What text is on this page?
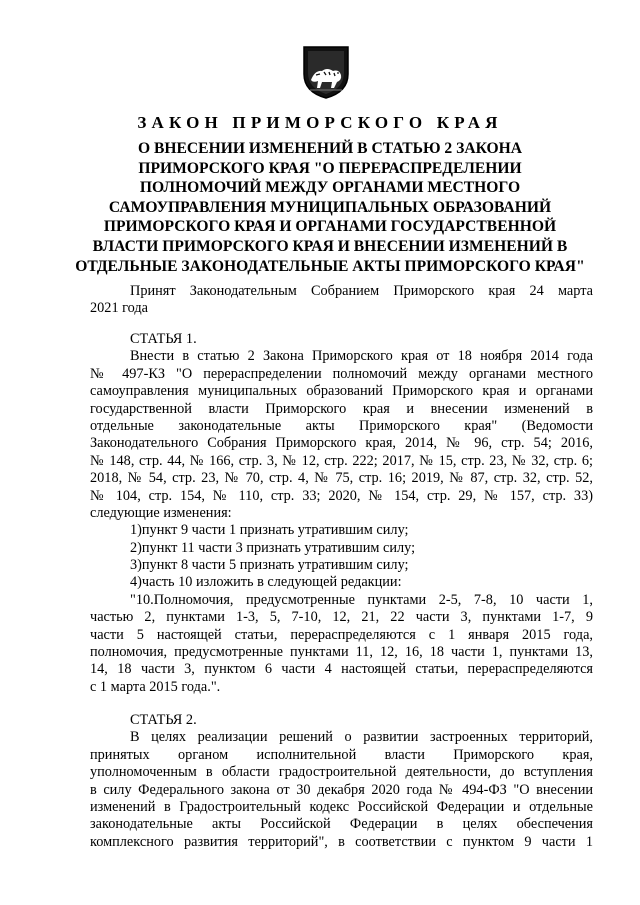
ЗАКОН ПРИМОРСКОГО КРАЯ
О ВНЕСЕНИИ ИЗМЕНЕНИЙ В СТАТЬЮ 2 ЗАКОНА
ПРИМОРСКОГО КРАЯ "О ПЕРЕРАСПРЕДЕЛЕНИИ
ПОЛНОМОЧИЙ МЕЖДУ ОРГАНАМИ МЕСТНОГО
САМОУПРАВЛЕНИЯ МУНИЦИПАЛЬНЫХ ОБРАЗОВАНИЙ
ПРИМОРСКОГО КРАЯ И ОРГАНАМИ ГОСУДАРСТВЕННОЙ
ВЛАСТИ ПРИМОРСКОГО КРАЯ И ВНЕСЕНИИ ИЗМЕНЕНИЙ В
ОТДЕЛЬНЫЕ ЗАКОНОДАТЕЛЬНЫЕ АКТЫ ПРИМОРСКОГО КРАЯ"
Принят Законодательным Собранием Приморского края 24 марта
2021 года
СТАТЬЯ 1.
Внести в статью 2 Закона Приморского края от 18 ноября 2014 года
№ 497-КЗ "О перераспределении полномочий между органами местного
самоуправления муниципальных образований Приморского края и органами
государственной власти Приморского края и внесении изменений в
отдельные законодательные акты Приморского края" (Ведомости
Законодательного Собрания Приморского края, 2014, № 96, стр. 54; 2016,
№ 148, стр. 44, № 166, стр. 3, № 12, стр. 222; 2017, № 15, стр. 23, № 32, стр. 6;
2018, № 54, стр. 23, № 70, стр. 4, № 75, стр. 16; 2019, № 87, стр. 32, стр. 52,
№ 104, стр. 154, № 110, стр. 33; 2020, № 154, стр. 29, № 157, стр. 33)
следующие изменения:
1)пункт 9 части 1 признать утратившим силу;
2)пункт 11 части 3 признать утратившим силу;
3)пункт 8 части 5 признать утратившим силу;
4)часть 10 изложить в следующей редакции:
"10.Полномочия, предусмотренные пунктами 2-5, 7-8, 10 части 1,
частью 2, пунктами 1-3, 5, 7-10, 12, 21, 22 части 3, пунктами 1-7, 9
части 5 настоящей статьи, перераспределяются с 1 января 2015 года,
полномочия, предусмотренные пунктами 11, 12, 16, 18 части 1, пунктами 13,
14, 18 части 3, пунктом 6 части 4 настоящей статьи, перераспределяются
с 1 марта 2015 года.".
СТАТЬЯ 2.
В целях реализации решений о развитии застроенных территорий,
принятых органом исполнительной власти Приморского края,
уполномоченным в области градостроительной деятельности, до вступления
в силу Федерального закона от 30 декабря 2020 года № 494-ФЗ "О внесении
изменений в Градостроительный кодекс Российской Федерации и отдельные
законодательные акты Российской Федерации в целях обеспечения
комплексного развития территорий", в соответствии с пунктом 9 части 1
